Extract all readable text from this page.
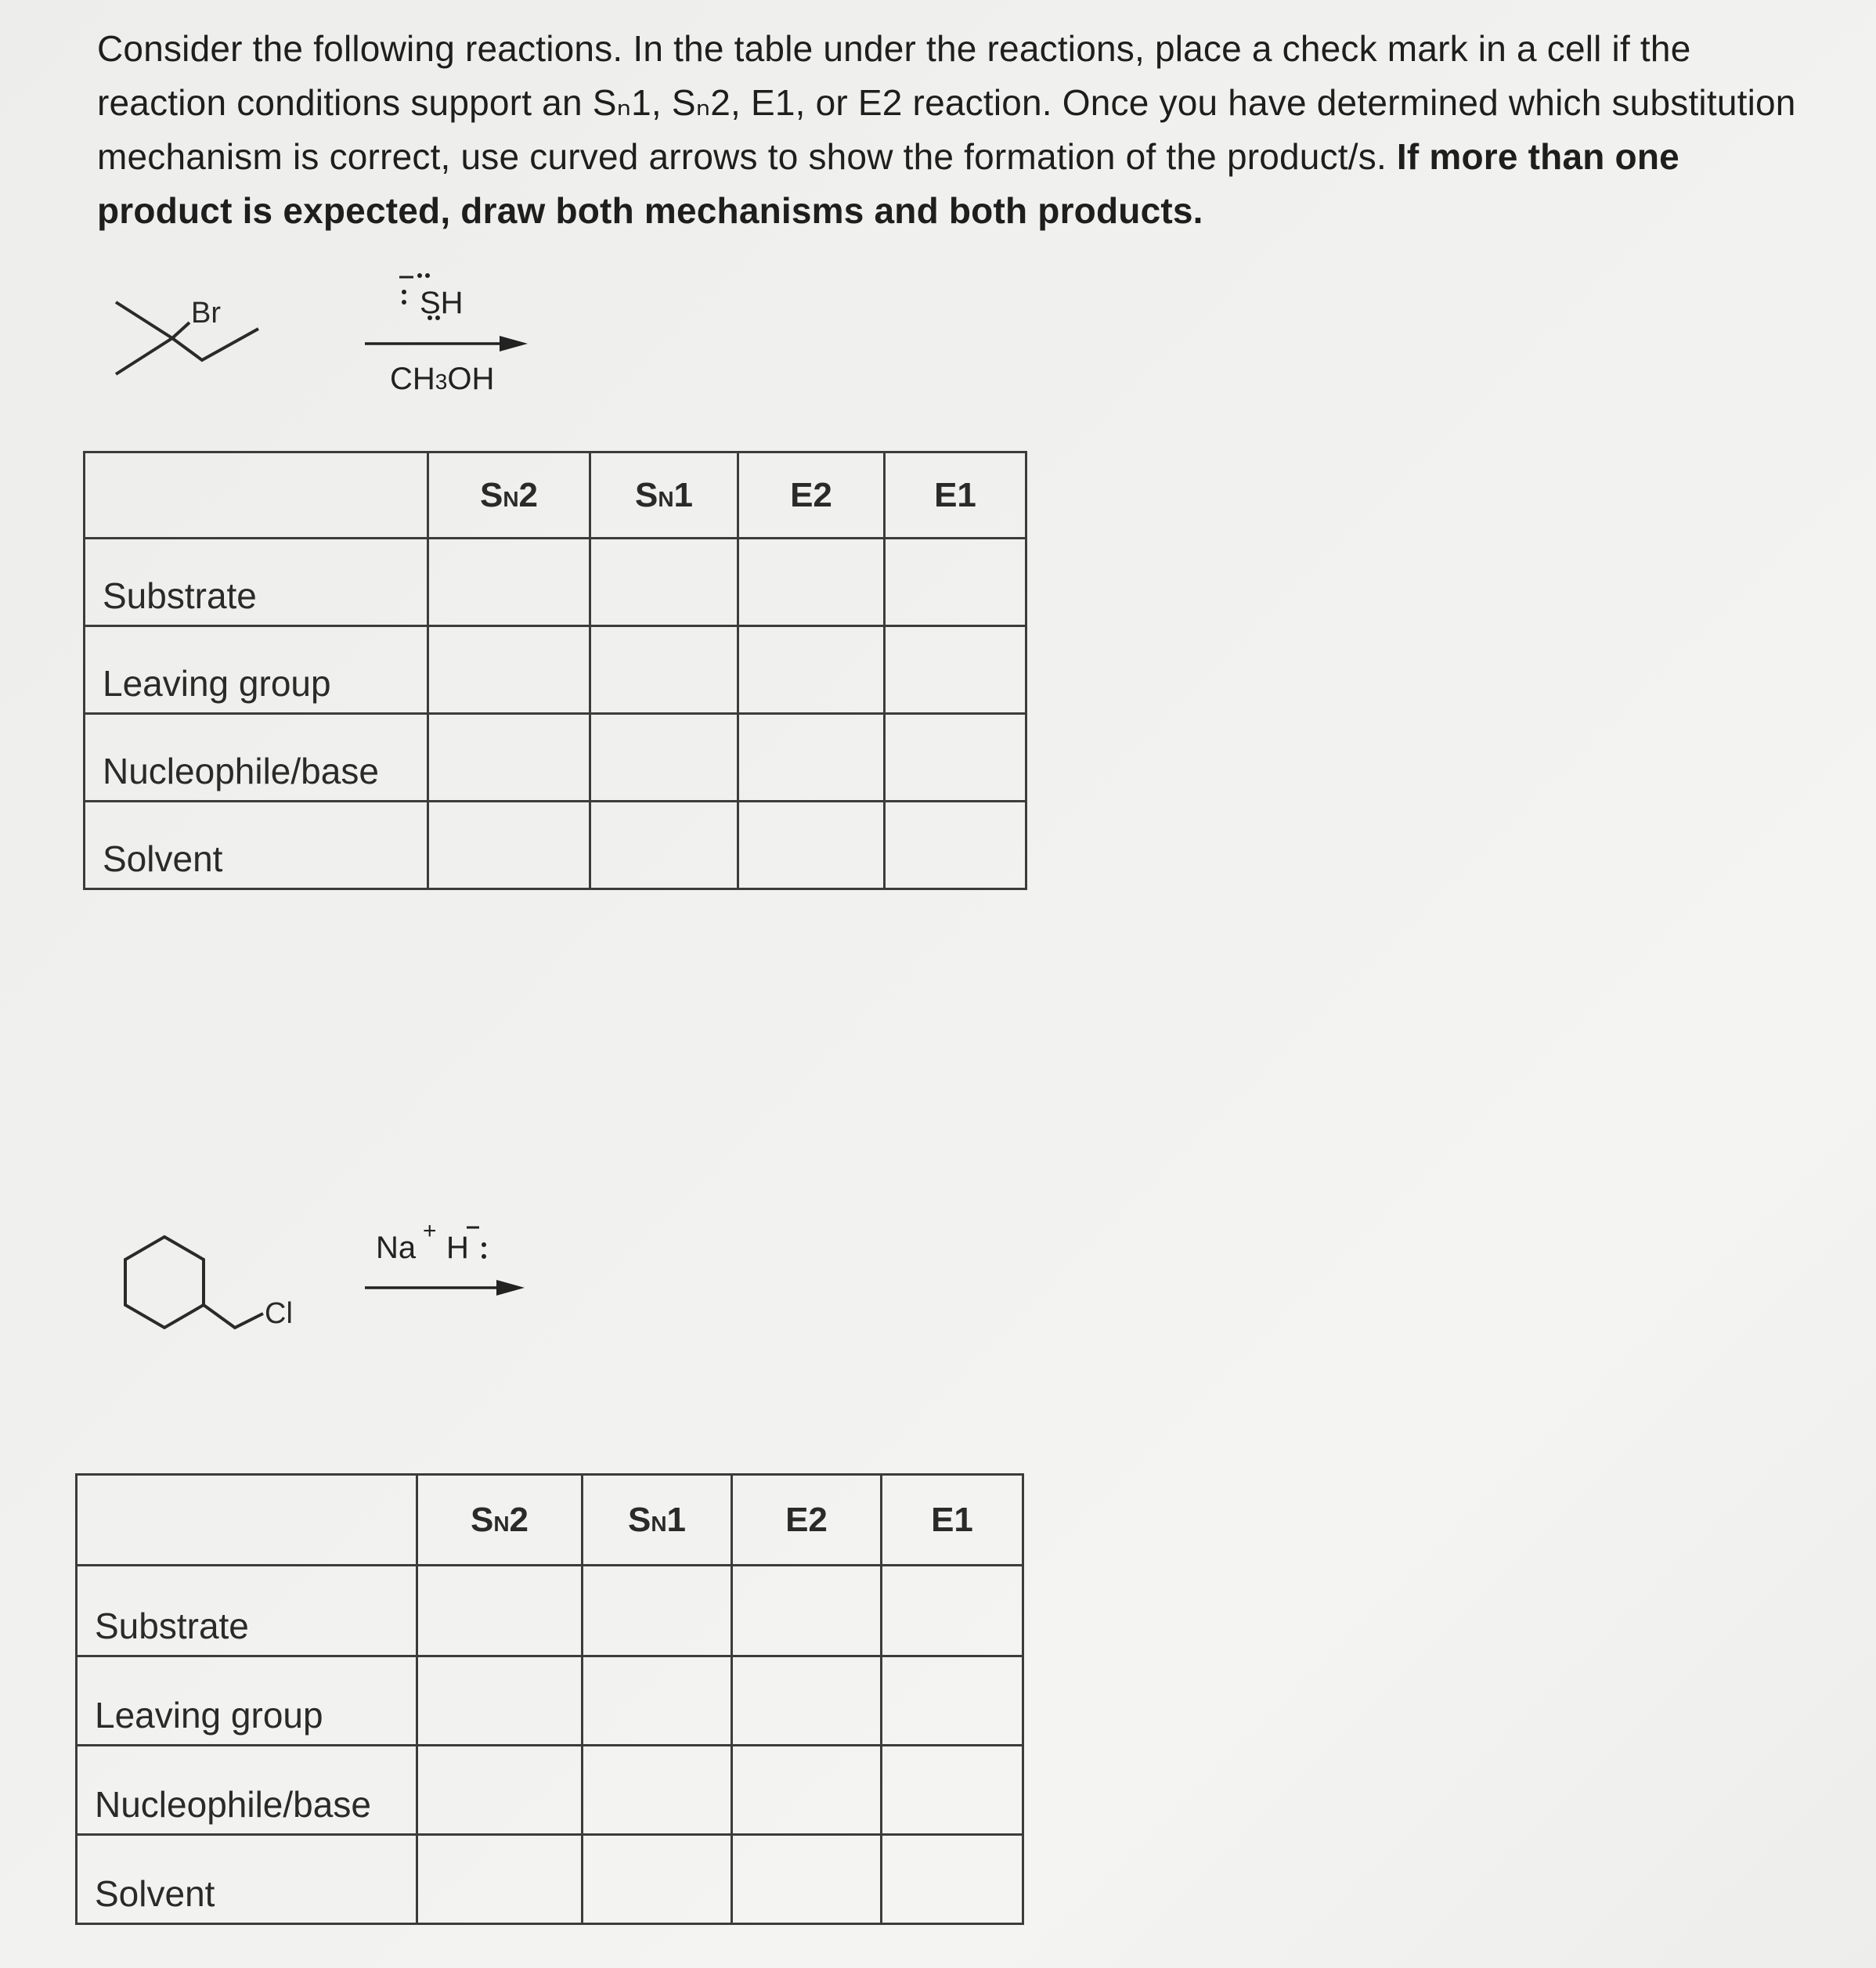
Consider the following reactions. In the table under the reactions, place a check mark in a cell if the reaction conditions support an Sₙ1, Sₙ2, E1, or E2 reaction. Once you have determined which substitution mechanism is correct, use curved arrows to show the formation of the product/s. If more than one product is expected, draw both mechanisms and both products.
Br	SH
CH3OH
	SN2	SN1	E2	E1
Substrate				
Leaving group				
Nucleophile/base				
Solvent				
Cl
Na + H
	SN2	SN1	E2	E1
Substrate				
Leaving group				
Nucleophile/base				
Solvent				
